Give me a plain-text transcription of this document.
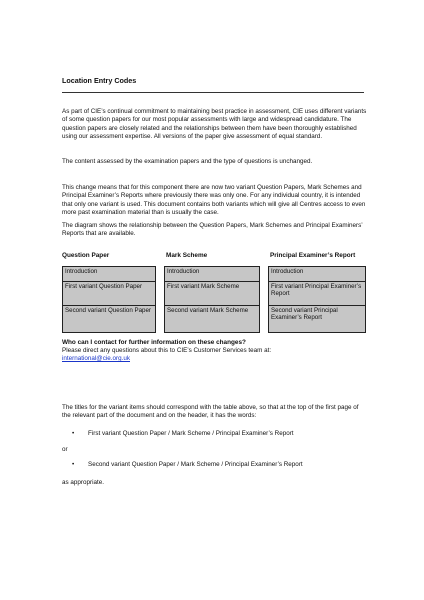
Location Entry Codes
As part of CIE’s continual commitment to maintaining best practice in assessment, CIE uses different variants of some question papers for our most popular assessments with large and widespread candidature. The question papers are closely related and the relationships between them have been thoroughly established using our assessment expertise. All versions of the paper give assessment of equal standard.
The content assessed by the examination papers and the type of questions is unchanged.
This change means that for this component there are now two variant Question Papers, Mark Schemes and Principal Examiner’s Reports where previously there was only one. For any individual country, it is intended that only one variant is used. This document contains both variants which will give all Centres access to even more past examination material than is usually the case.
The diagram shows the relationship between the Question Papers, Mark Schemes and Principal Examiners’ Reports that are available.
Question Paper	Mark Scheme	Principal Examiner’s Report
Introduction
First variant Question Paper
Second variant Question Paper
Introduction
First variant Mark Scheme
Second variant Mark Scheme
Introduction
First variant Principal Examiner’s Report
Second variant Principal Examiner’s Report
Who can I contact for further information on these changes?
Please direct any questions about this to CIE’s Customer Services team at:
international@cie.org.uk
The titles for the variant items should correspond with the table above, so that at the top of the first page of the relevant part of the document and on the header, it has the words:
• First variant Question Paper / Mark Scheme / Principal Examiner’s Report
or
• Second variant Question Paper / Mark Scheme / Principal Examiner’s Report
as appropriate.
